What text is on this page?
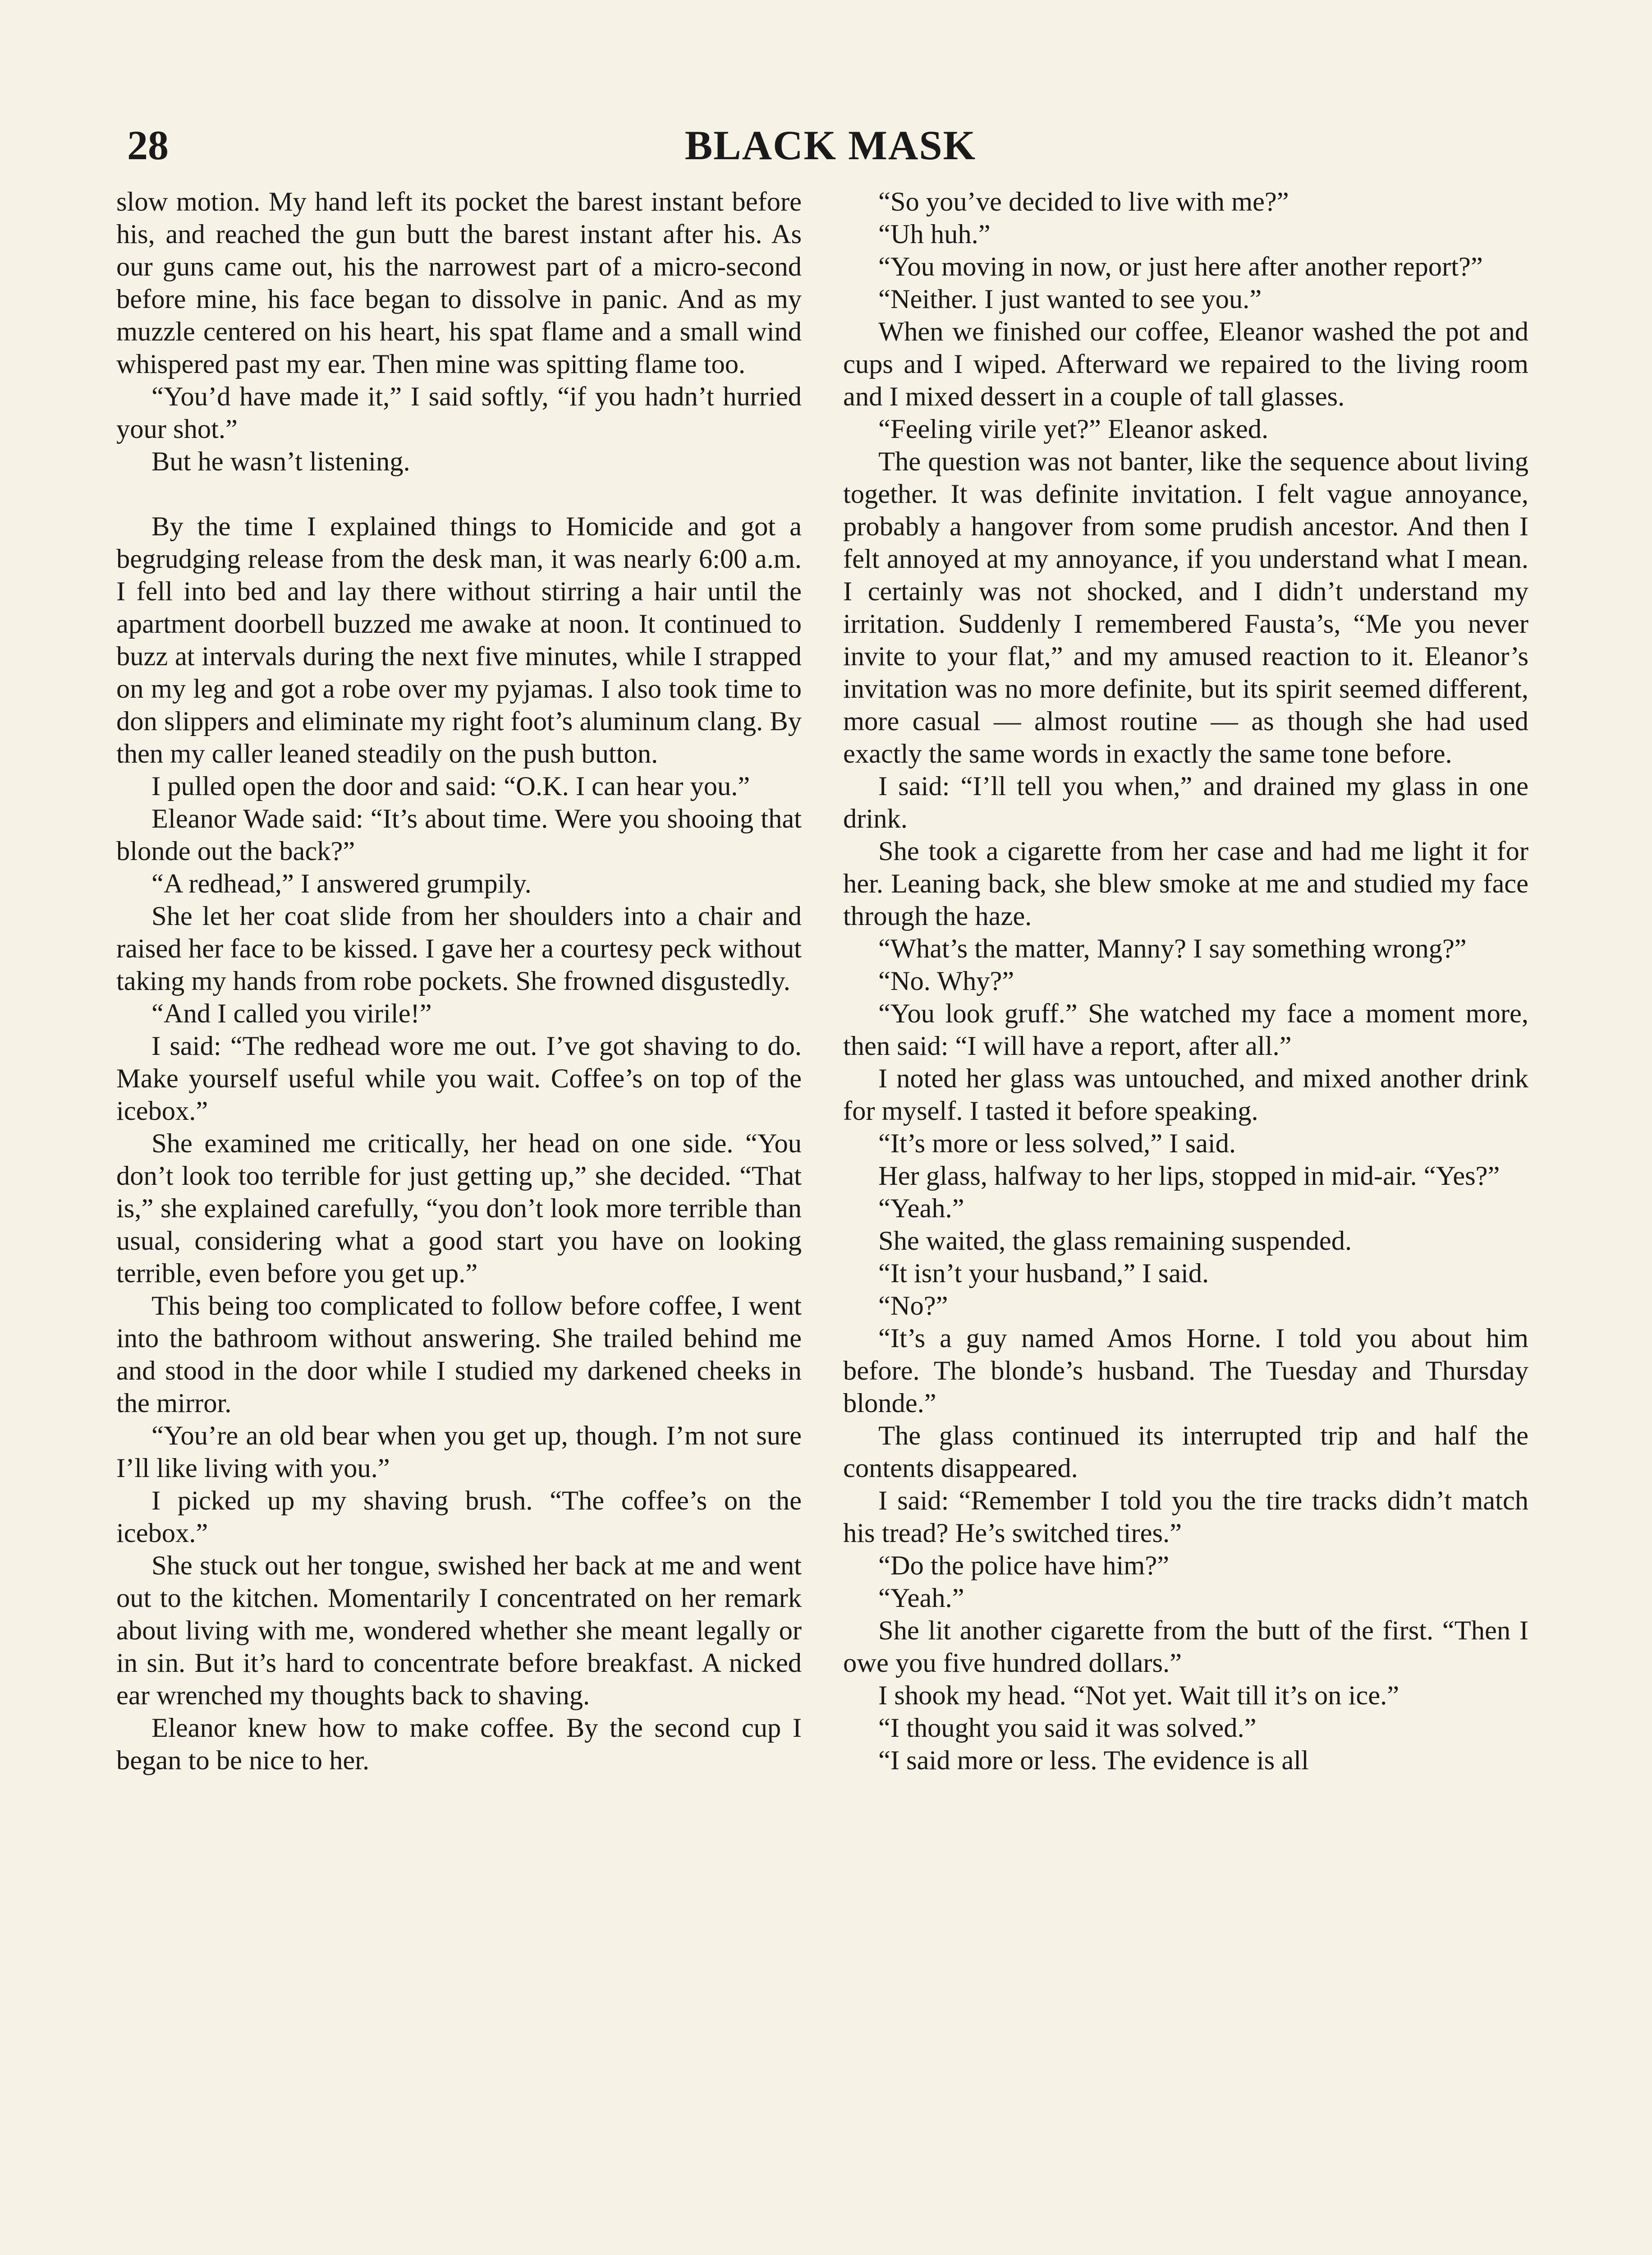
28	BLACK MASK

slow motion. My hand left its pocket the barest instant before his, and reached the gun butt the barest instant after his. As our guns came out, his the narrowest part of a micro-second before mine, his face began to dissolve in panic. And as my muzzle centered on his heart, his spat flame and a small wind whispered past my ear. Then mine was spitting flame too.

“You’d have made it,” I said softly, “if you hadn’t hurried your shot.”

But he wasn’t listening.

By the time I explained things to Homicide and got a begrudging release from the desk man, it was nearly 6:00 a.m. I fell into bed and lay there without stirring a hair until the apartment doorbell buzzed me awake at noon. It continued to buzz at intervals during the next five minutes, while I strapped on my leg and got a robe over my pyjamas. I also took time to don slippers and eliminate my right foot’s aluminum clang. By then my caller leaned steadily on the push button.

I pulled open the door and said: “O.K. I can hear you.”

Eleanor Wade said: “It’s about time. Were you shooing that blonde out the back?”

“A redhead,” I answered grumpily.

She let her coat slide from her shoulders into a chair and raised her face to be kissed. I gave her a courtesy peck without taking my hands from robe pockets. She frowned disgustedly.

“And I called you virile!”

I said: “The redhead wore me out. I’ve got shaving to do. Make yourself useful while you wait. Coffee’s on top of the icebox.”

She examined me critically, her head on one side. “You don’t look too terrible for just getting up,” she decided. “That is,” she explained carefully, “you don’t look more terrible than usual, considering what a good start you have on looking terrible, even before you get up.”

This being too complicated to follow before coffee, I went into the bathroom without answering. She trailed behind me and stood in the door while I studied my darkened cheeks in the mirror.

“You’re an old bear when you get up, though. I’m not sure I’ll like living with you.”

I picked up my shaving brush. “The coffee’s on the icebox.”

She stuck out her tongue, swished her back at me and went out to the kitchen. Momentarily I concentrated on her remark about living with me, wondered whether she meant legally or in sin. But it’s hard to concentrate before breakfast. A nicked ear wrenched my thoughts back to shaving.

Eleanor knew how to make coffee. By the second cup I began to be nice to her.

“So you’ve decided to live with me?”

“Uh huh.”

“You moving in now, or just here after another report?”

“Neither. I just wanted to see you.”

When we finished our coffee, Eleanor washed the pot and cups and I wiped. Afterward we repaired to the living room and I mixed dessert in a couple of tall glasses.

“Feeling virile yet?” Eleanor asked.

The question was not banter, like the sequence about living together. It was definite invitation. I felt vague annoyance, probably a hangover from some prudish ancestor. And then I felt annoyed at my annoyance, if you understand what I mean. I certainly was not shocked, and I didn’t understand my irritation. Suddenly I remembered Fausta’s, “Me you never invite to your flat,” and my amused reaction to it. Eleanor’s invitation was no more definite, but its spirit seemed different, more casual — almost routine — as though she had used exactly the same words in exactly the same tone before.

I said: “I’ll tell you when,” and drained my glass in one drink.

She took a cigarette from her case and had me light it for her. Leaning back, she blew smoke at me and studied my face through the haze.

“What’s the matter, Manny? I say something wrong?”

“No. Why?”

“You look gruff.” She watched my face a moment more, then said: “I will have a report, after all.”

I noted her glass was untouched, and mixed another drink for myself. I tasted it before speaking.

“It’s more or less solved,” I said.

Her glass, halfway to her lips, stopped in mid-air. “Yes?”

“Yeah.”

She waited, the glass remaining suspended.

“It isn’t your husband,” I said.

“No?”

“It’s a guy named Amos Horne. I told you about him before. The blonde’s husband. The Tuesday and Thursday blonde.”

The glass continued its interrupted trip and half the contents disappeared.

I said: “Remember I told you the tire tracks didn’t match his tread? He’s switched tires.”

“Do the police have him?”

“Yeah.”

She lit another cigarette from the butt of the first. “Then I owe you five hundred dollars.”

I shook my head. “Not yet. Wait till it’s on ice.”

“I thought you said it was solved.”

“I said more or less. The evidence is all
